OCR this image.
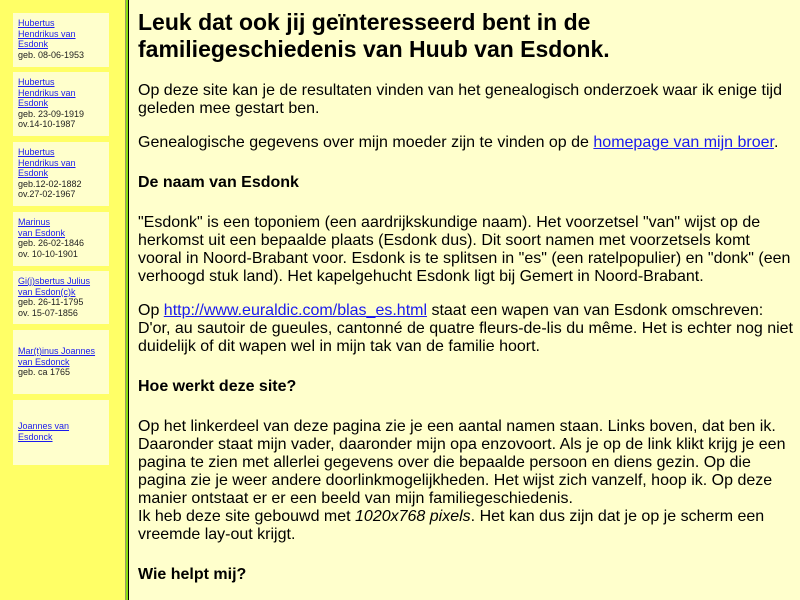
Hubertus
Hendrikus van
Esdonk
geb. 08-06-1953
Hubertus
Hendrikus van
Esdonk
geb. 23-09-1919
ov.14-10-1987
Hubertus
Hendrikus van
Esdonk
geb.12-02-1882
ov.27-02-1967
Marinus
van Esdonk
geb. 26-02-1846
ov. 10-10-1901
Gi(j)sbertus Julius
van Esdon(c)k
geb. 26-11-1795
ov. 15-07-1856
Mar(t)inus Joannes
van Esdonck
geb. ca 1765
Joannes van
Esdonck
Leuk dat ook jij geïnteresseerd bent in de
familiegeschiedenis van Huub van Esdonk.

Op deze site kan je de resultaten vinden van het genealogisch onderzoek waar ik enige tijd geleden mee gestart ben.

Genealogische gegevens over mijn moeder zijn te vinden op de homepage van mijn broer.

De naam van Esdonk

"Esdonk" is een toponiem (een aardrijkskundige naam). Het voorzetsel "van" wijst op de herkomst uit een bepaalde plaats (Esdonk dus). Dit soort namen met voorzetsels komt vooral in Noord-Brabant voor. Esdonk is te splitsen in "es" (een ratelpopulier) en "donk" (een verhoogd stuk land). Het kapelgehucht Esdonk ligt bij Gemert in Noord-Brabant.

Op http://www.euraldic.com/blas_es.html staat een wapen van van Esdonk omschreven: D'or, au sautoir de gueules, cantonné de quatre fleurs-de-lis du même. Het is echter nog niet duidelijk of dit wapen wel in mijn tak van de familie hoort.

Hoe werkt deze site?

Op het linkerdeel van deze pagina zie je een aantal namen staan. Links boven, dat ben ik. Daaronder staat mijn vader, daaronder mijn opa enzovoort. Als je op de link klikt krijg je een pagina te zien met allerlei gegevens over die bepaalde persoon en diens gezin. Op die pagina zie je weer andere doorlinkmogelijkheden. Het wijst zich vanzelf, hoop ik. Op deze manier ontstaat er er een beeld van mijn familiegeschiedenis.

Ik heb deze site gebouwd met 1020x768 pixels. Het kan dus zijn dat je op je scherm een vreemde lay-out krijgt.

Wie helpt mij?
